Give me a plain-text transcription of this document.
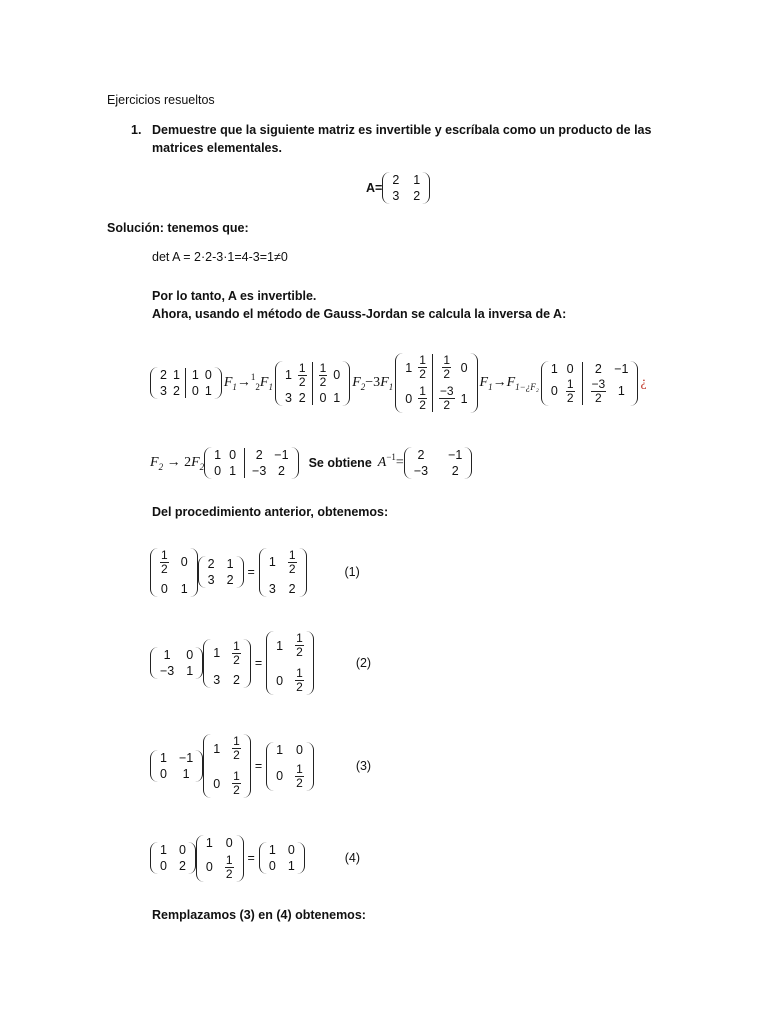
Ejercicios resueltos
1. Demuestre que la siguiente matriz es invertible y escríbala como un producto de las
matrices elementales.
A=
2 1
3 2
Solución: tenemos que:
det A = 2·2-3·1=4-3=1≠0
Por lo tanto, A es invertible.
Ahora, usando el método de Gauss-Jordan se calcula la inversa de A:
2 1 1 0
3 2 0 1
$F_1\to^1_2F_1$
$1 \frac{1}{2} \frac{1}{2} 0$
3 2 0 1
$F_2-3F_1$
$1 \frac{1}{2} \frac{1}{2} 0$
$0 \frac{1}{2} \frac{-3}{2} 1$
$F_1\to F_{1-¿F_2}$
1 0 2 −1
$0 \frac{1}{2} \frac{-3}{2} 1$
¿
$F_2 \to 2F_2$
1 0 2 −1
0 1 −3 2
Se obtiene $A^{-1}= 2 -1$
−3 2
Del procedimiento anterior, obtenemos:
$\frac{1}{2} 0$
0 1
2 1
3 2
=
$1 \frac{1}{2}$
3 2
(1)
1 0
−3 1
$1 \frac{1}{2}$
3 2
=
$1 \frac{1}{2}$
$0 \frac{1}{2}$
(2)
1 −1
0 1
$1 \frac{1}{2}$
$0 \frac{1}{2}$
=
1 0
$0 \frac{1}{2}$	(3)
1 0
0 2
1 0
$0 \frac{1}{2}$ =
1 0
0 1
(4)
Remplazamos (3) en (4) obtenemos:
